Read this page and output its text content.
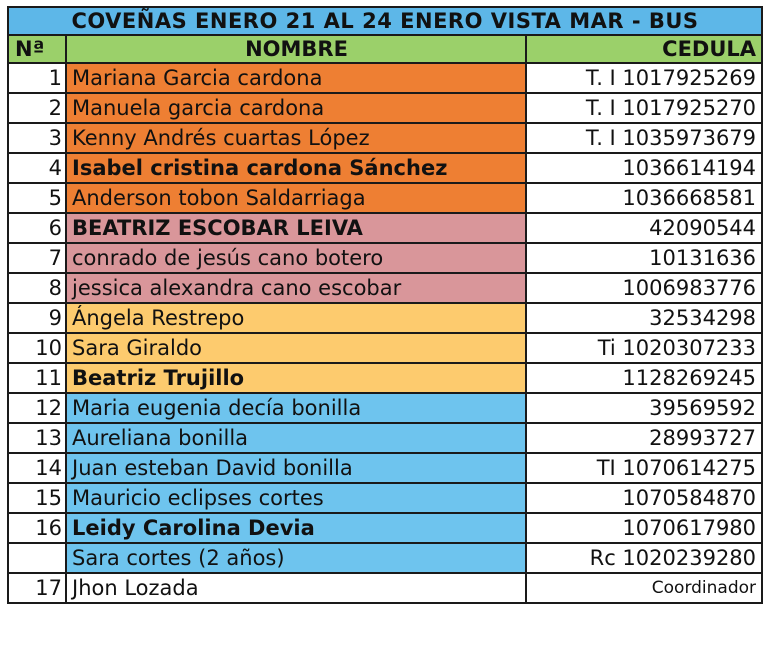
COVEÑAS ENERO 21 AL 24 ENERO VISTA MAR - BUS		
Nª	NOMBRE	CEDULA
1	Mariana Garcia cardona	T. I 1017925269
2	Manuela garcia cardona	T. I 1017925270
3	Kenny Andrés cuartas López	T. I 1035973679
4	Isabel cristina cardona Sánchez	1036614194
5	Anderson tobon Saldarriaga	1036668581
6	BEATRIZ ESCOBAR LEIVA	42090544
7	conrado de jesús cano botero	10131636
8	jessica alexandra cano escobar	1006983776
9	Ángela Restrepo	32534298
10	Sara Giraldo	Ti 1020307233
11	Beatriz Trujillo	1128269245
12	Maria eugenia decía bonilla	39569592
13	Aureliana bonilla	28993727
14	Juan esteban David bonilla	TI 1070614275
15	Mauricio eclipses cortes	1070584870
16	Leidy Carolina Devia	1070617980
	Sara cortes (2 años)	Rc 1020239280
17	Jhon Lozada	Coordinador
